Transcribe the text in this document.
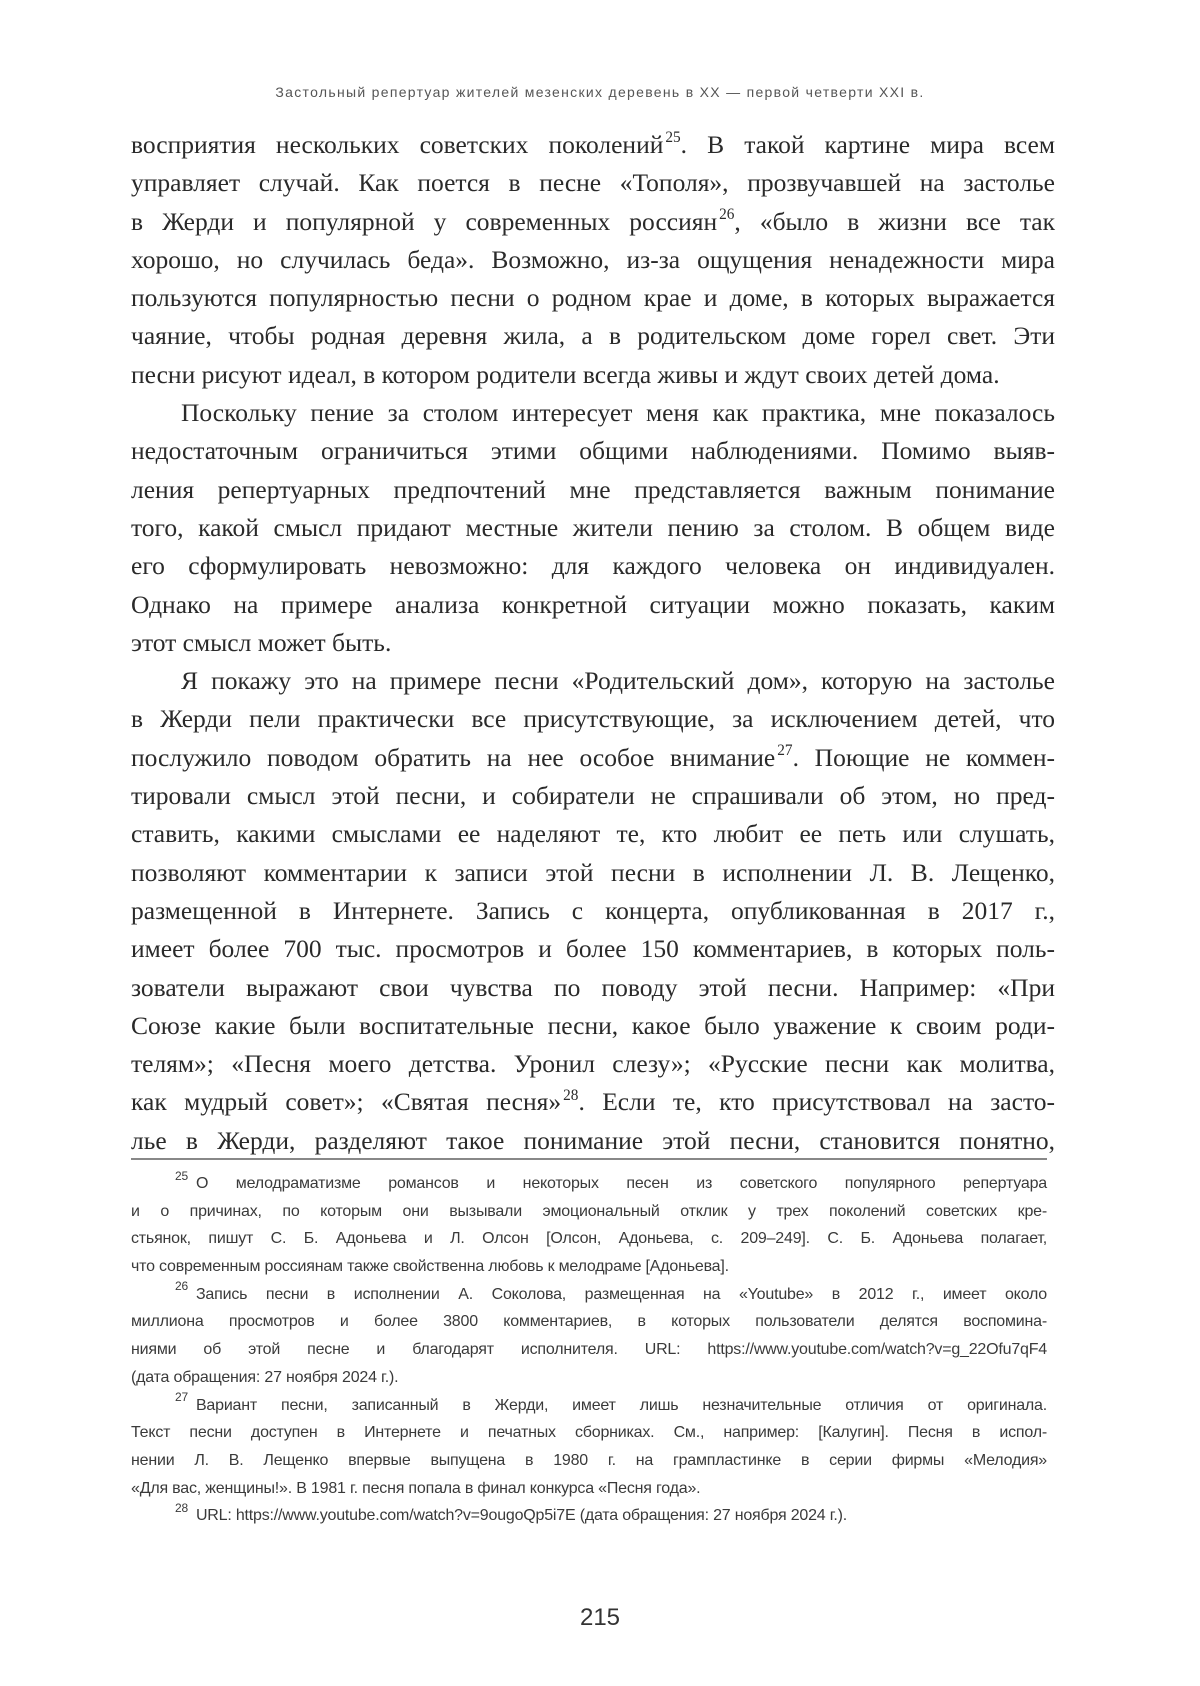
Застольный репертуар жителей мезенских деревень в XX — первой четверти XXI в.
восприятия нескольких советских поколений 25. В такой картине мира всем
управляет случай. Как поется в песне «Тополя», прозвучавшей на застолье
в Жерди и популярной у современных россиян 26, «было в жизни все так
хорошо, но случилась беда». Возможно, из-за ощущения ненадежности мира
пользуются популярностью песни о родном крае и доме, в которых выражается
чаяние, чтобы родная деревня жила, а в родительском доме горел свет. Эти
песни рисуют идеал, в котором родители всегда живы и ждут своих детей дома.
Поскольку пение за столом интересует меня как практика, мне показалось
недостаточным ограничиться этими общими наблюдениями. Помимо выяв-
ления репертуарных предпочтений мне представляется важным понимание
того, какой смысл придают местные жители пению за столом. В общем виде
его сформулировать невозможно: для каждого человека он индивидуален.
Однако на примере анализа конкретной ситуации можно показать, каким
этот смысл может быть.
Я покажу это на примере песни «Родительский дом», которую на застолье
в Жерди пели практически все присутствующие, за исключением детей, что
послужило поводом обратить на нее особое внимание 27. Поющие не коммен-
тировали смысл этой песни, и собиратели не спрашивали об этом, но пред-
ставить, какими смыслами ее наделяют те, кто любит ее петь или слушать,
позволяют комментарии к записи этой песни в исполнении Л. В. Лещенко,
размещенной в Интернете. Запись с концерта, опубликованная в 2017 г.,
имеет более 700 тыс. просмотров и более 150 комментариев, в которых поль-
зователи выражают свои чувства по поводу этой песни. Например: «При
Союзе какие были воспитательные песни, какое было уважение к своим роди-
телям»; «Песня моего детства. Уронил слезу»; «Русские песни как молитва,
как мудрый совет»; «Святая песня» 28. Если те, кто присутствовал на засто-
лье в Жерди, разделяют такое понимание этой песни, становится понятно,
25 О мелодраматизме романсов и некоторых песен из советского популярного репертуара
и о причинах, по которым они вызывали эмоциональный отклик у трех поколений советских кре-
стьянок, пишут С. Б. Адоньева и Л. Олсон [Олсон, Адоньева, с. 209–249]. С. Б. Адоньева полагает,
что современным россиянам также свойственна любовь к мелодраме [Адоньева].
26 Запись песни в исполнении А. Соколова, размещенная на «Youtube» в 2012 г., имеет около
миллиона просмотров и более 3800 комментариев, в которых пользователи делятся воспомина-
ниями об этой песне и благодарят исполнителя. URL: https://www.youtube.com/watch?v=g_22Ofu7qF4
(дата обращения: 27 ноября 2024 г.).
27 Вариант песни, записанный в Жерди, имеет лишь незначительные отличия от оригинала.
Текст песни доступен в Интернете и печатных сборниках. См., например: [Калугин]. Песня в испол-
нении Л. В. Лещенко впервые выпущена в 1980 г. на грампластинке в серии фирмы «Мелодия»
«Для вас, женщины!». В 1981 г. песня попала в финал конкурса «Песня года».
28 URL: https://www.youtube.com/watch?v=9ougoQp5i7E (дата обращения: 27 ноября 2024 г.).
215
